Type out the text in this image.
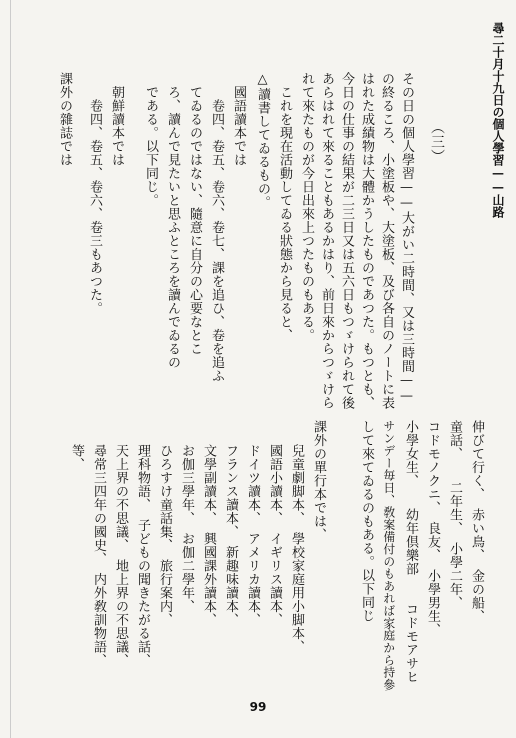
尋二十月十九日の個人學習——山路
（三）
その日の個人學習——大がい二時間、又は三時間——
の終るころ、小塗板や、大塗板、及び各自のノートに表
はれた成績物は大體かうしたものであつた。もつとも、
今日の仕事の結果が二三日又は五六日もつゞけられて後
あらはれて來ることもあるかはり、前日來からつゞけら
れて來たものが今日出來上つたものもある。
　これを現在活動してゐる狀態から見ると、
△讀書してゐるもの。
　國語讀本では
　　卷四、卷五、卷六、卷七、課を追ひ、卷を追ふ
　てゐるのではない、隨意に自分の心要なとこ
　ろ、讀んで見たいと思ふところを讀んでゐるの
　である。以下同じ。
　朝鮮讀本では
　　卷四、卷五、卷六、卷三もあつた。
課外の雜誌では
伸びて行く、　赤い鳥、　金の船、
童話、　　二年生、　小學二年、
コドモノクニ、　良友、　小學男生、
小學女生、　　幼年倶樂部　　コドモアサヒ
サンデー毎日、敎案備付のもあれば家庭から持參
して來てゐるのもある。以下同じ
課外の單行本では、
兒童劇脚本、　學校家庭用小脚本、
國語小讀本、　イギリス讀本、
ドイツ讀本、　アメリカ讀本、
フランス讀本、　新趣味讀本、
文學副讀本、　興國課外讀本、
お伽三學年、　お伽二學年、
ひろすけ童話集、　旅行案内、
理科物語、　子どもの聞きたがる話、
天上界の不思議、　地上界の不思議、
尋常三四年の國史、　内外敎訓物語、
等、
99
